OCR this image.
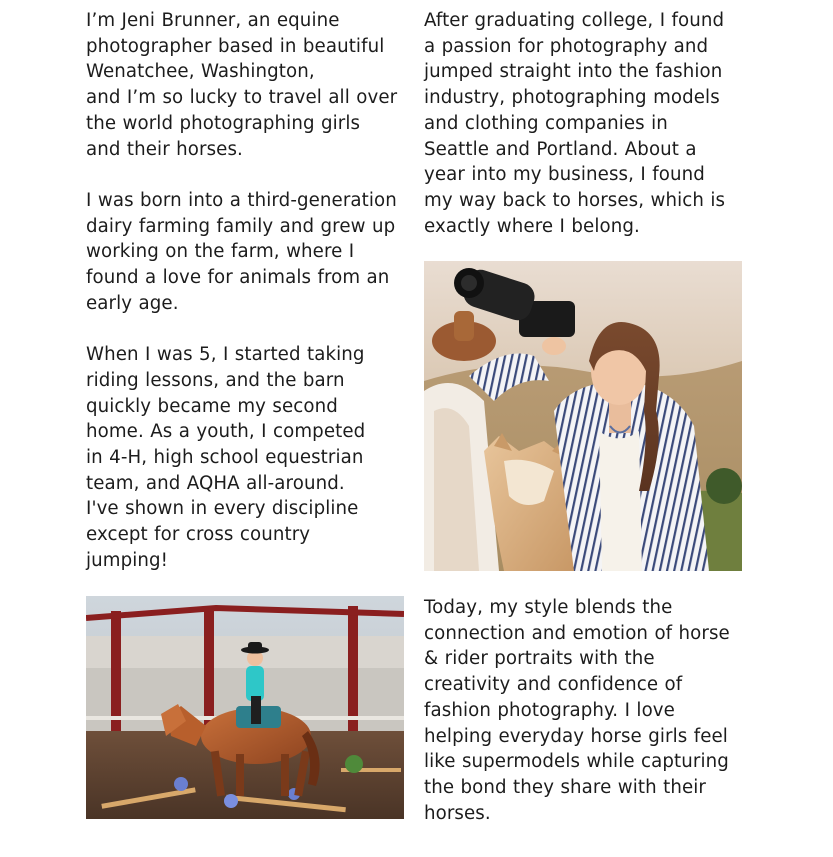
I’m Jeni Brunner, an equine
photographer based in beautiful
Wenatchee, Washington,
and I’m so lucky to travel all over
the world photographing girls
and their horses.

I was born into a third-generation
dairy farming family and grew up
working on the farm, where I
found a love for animals from an
early age.

When I was 5, I started taking
riding lessons, and the barn
quickly became my second
home. As a youth, I competed
in 4-H, high school equestrian
team, and AQHA all-around.
I've shown in every discipline
except for cross country
jumping!

After graduating college, I found
a passion for photography and
jumped straight into the fashion
industry, photographing models
and clothing companies in
Seattle and Portland. About a
year into my business, I found
my way back to horses, which is
exactly where I belong.

Today, my style blends the
connection and emotion of horse
& rider portraits with the
creativity and confidence of
fashion photography. I love
helping everyday horse girls feel
like supermodels while capturing
the bond they share with their
horses.
